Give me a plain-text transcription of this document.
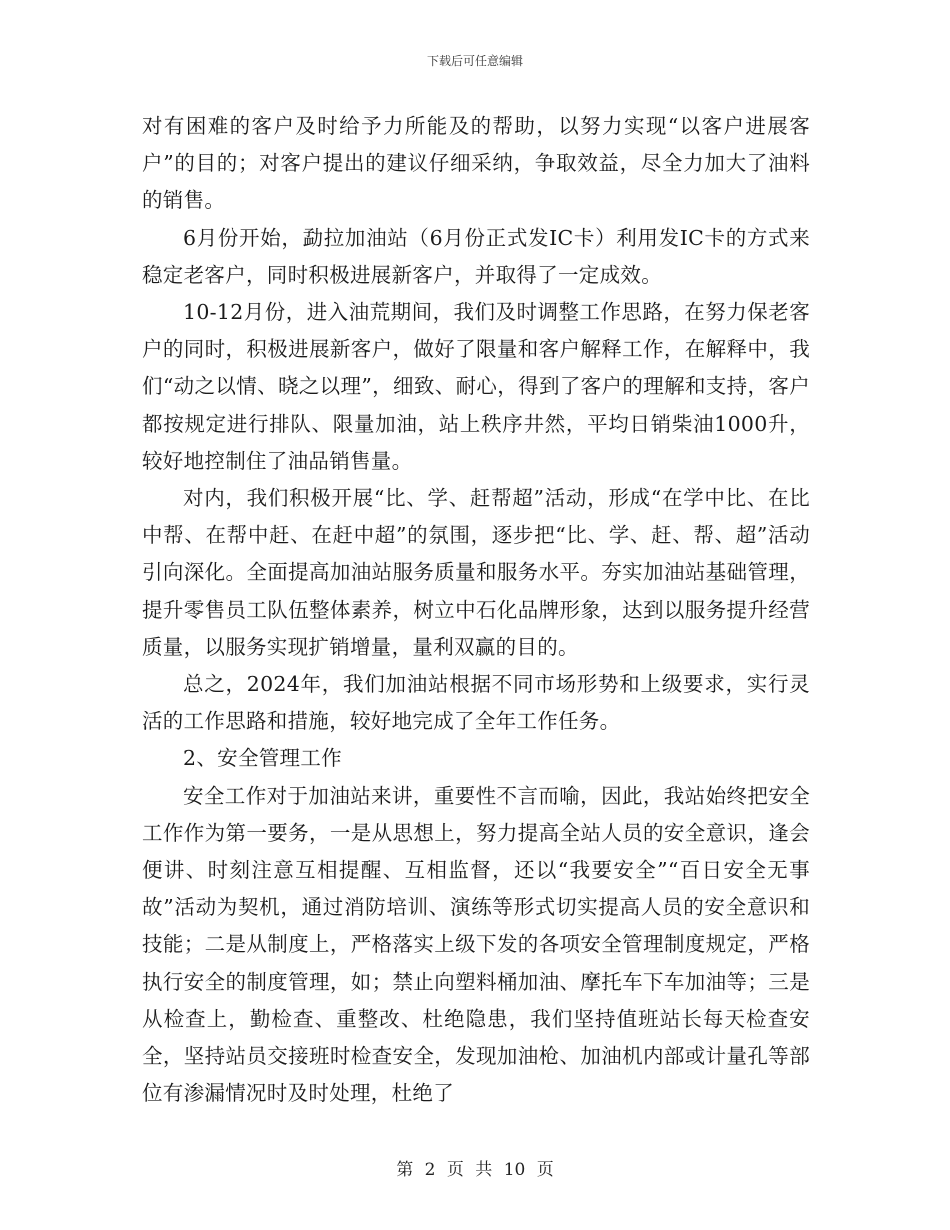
下载后可任意编辑

对有困难的客户及时给予力所能及的帮助，以努力实现“以客户进展客户”的目的；对客户提出的建议仔细采纳，争取效益，尽全力加大了油料的销售。

6月份开始，勐拉加油站（6月份正式发IC卡）利用发IC卡的方式来稳定老客户，同时积极进展新客户，并取得了一定成效。

10-12月份，进入油荒期间，我们及时调整工作思路，在努力保老客户的同时，积极进展新客户，做好了限量和客户解释工作，在解释中，我们“动之以情、晓之以理”，细致、耐心，得到了客户的理解和支持，客户都按规定进行排队、限量加油，站上秩序井然，平均日销柴油1000升，较好地控制住了油品销售量。

对内，我们积极开展“比、学、赶帮超”活动，形成“在学中比、在比中帮、在帮中赶、在赶中超”的氛围，逐步把“比、学、赶、帮、超”活动引向深化。全面提高加油站服务质量和服务水平。夯实加油站基础管理，提升零售员工队伍整体素养，树立中石化品牌形象，达到以服务提升经营质量，以服务实现扩销增量，量利双赢的目的。

总之，2024年，我们加油站根据不同市场形势和上级要求，实行灵活的工作思路和措施，较好地完成了全年工作任务。

2、安全管理工作

安全工作对于加油站来讲，重要性不言而喻，因此，我站始终把安全工作作为第一要务，一是从思想上，努力提高全站人员的安全意识，逢会便讲、时刻注意互相提醒、互相监督，还以“我要安全”“百日安全无事故”活动为契机，通过消防培训、演练等形式切实提高人员的安全意识和技能；二是从制度上，严格落实上级下发的各项安全管理制度规定，严格执行安全的制度管理，如；禁止向塑料桶加油、摩托车下车加油等；三是从检查上，勤检查、重整改、杜绝隐患，我们坚持值班站长每天检查安全，坚持站员交接班时检查安全，发现加油枪、加油机内部或计量孔等部位有渗漏情况时及时处理，杜绝了

第 2 页 共 10 页
